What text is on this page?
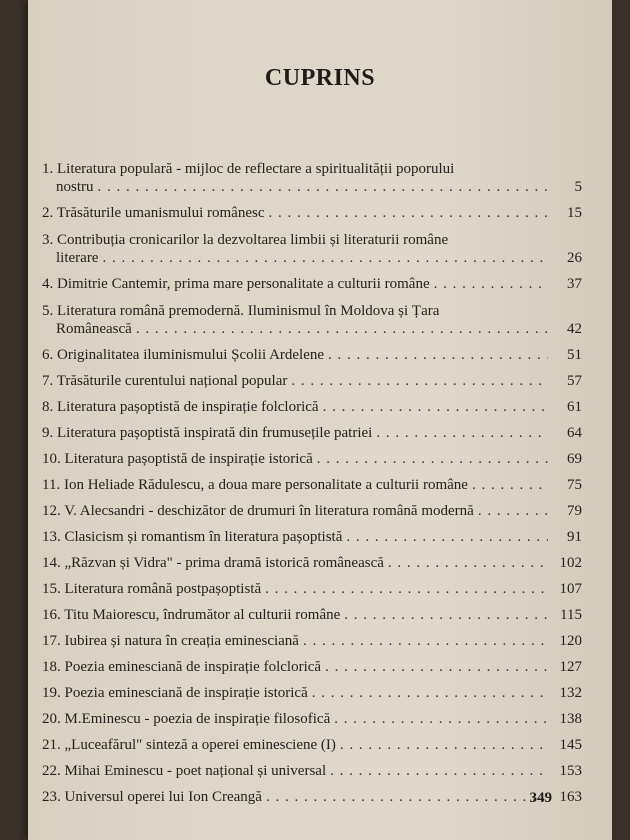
CUPRINS
1. Literatura populară - mijloc de reflectare a spiritualității poporului
nostru . . .	5
2. Trăsăturile umanismului românesc . . .	15
3. Contribuția cronicarilor la dezvoltarea limbii și literaturii române
literare . . .	26
4. Dimitrie Cantemir, prima mare personalitate a culturii române . . .	37
5. Literatura română premodernă. Iluminismul în Moldova și Țara
Românească . . .	42
6. Originalitatea iluminismului Școlii Ardelene . . .	51
7. Trăsăturile curentului național popular . . .	57
8. Literatura pașoptistă de inspirație folclorică . . .	61
9. Literatura pașoptistă inspirată din frumusețile patriei . . .	64
10. Literatura pașoptistă de inspirație istorică . . .	69
11. Ion Heliade Rădulescu, a doua mare personalitate a culturii române . . .	75
12. V. Alecsandri - deschizător de drumuri în literatura română modernă . . .	79
13. Clasicism și romantism în literatura pașoptistă . . .	91
14. „Răzvan și Vidra" - prima dramă istorică românească . . .	102
15. Literatura română postpașoptistă . . .	107
16. Titu Maiorescu, îndrumător al culturii române . . .	115
17. Iubirea și natura în creația eminesciană . . .	120
18. Poezia eminesciană de inspirație folclorică . . .	127
19. Poezia eminesciană de inspirație istorică . . .	132
20. M.Eminescu - poezia de inspirație filosofică . . .	138
21. „Luceafărul" sinteză a operei eminesciene (I) . . .	145
22. Mihai Eminescu - poet național și universal . . .	153
23. Universul operei lui Ion Creangă . . .	163
349
